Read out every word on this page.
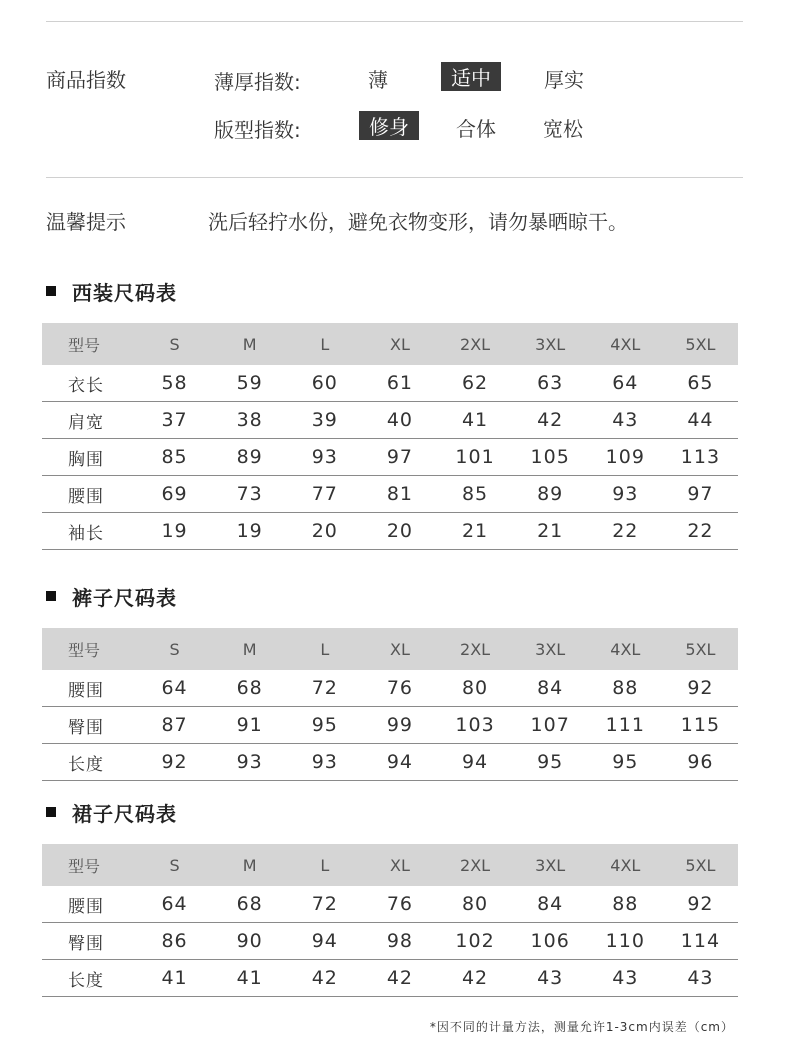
商品指数	薄厚指数:	薄	适中	厚实
版型指数:	修身	合体 宽松
温馨提示	洗后轻拧水份，避免衣物变形，请勿暴晒晾干。
西装尺码表
型号	S	M	L	XL	2XL	3XL	4XL	5XL
衣长	58	59	60	61	62	63	64	65
肩宽	37	38	39	40	41	42	43	44
胸围	85	89	93	97	101	105	109	113
腰围	69	73	77	81	85	89	93	97
袖长	19	19	20	20	21	21	22	22
裤子尺码表
型号	S	M	L	XL	2XL	3XL	4XL	5XL
腰围	64	68	72	76	80	84	88	92
臀围	87	91	95	99	103	107	111	115
长度	92	93	93	94	94	95	95	96
裙子尺码表
型号	S	M	L	XL	2XL	3XL	4XL	5XL
腰围	64	68	72	76	80	84	88	92
臀围	86	90	94	98	102	106	110	114
长度	41	41	42	42	42	43	43	43
*因不同的计量方法，测量允许1-3cm内误差（cm）
